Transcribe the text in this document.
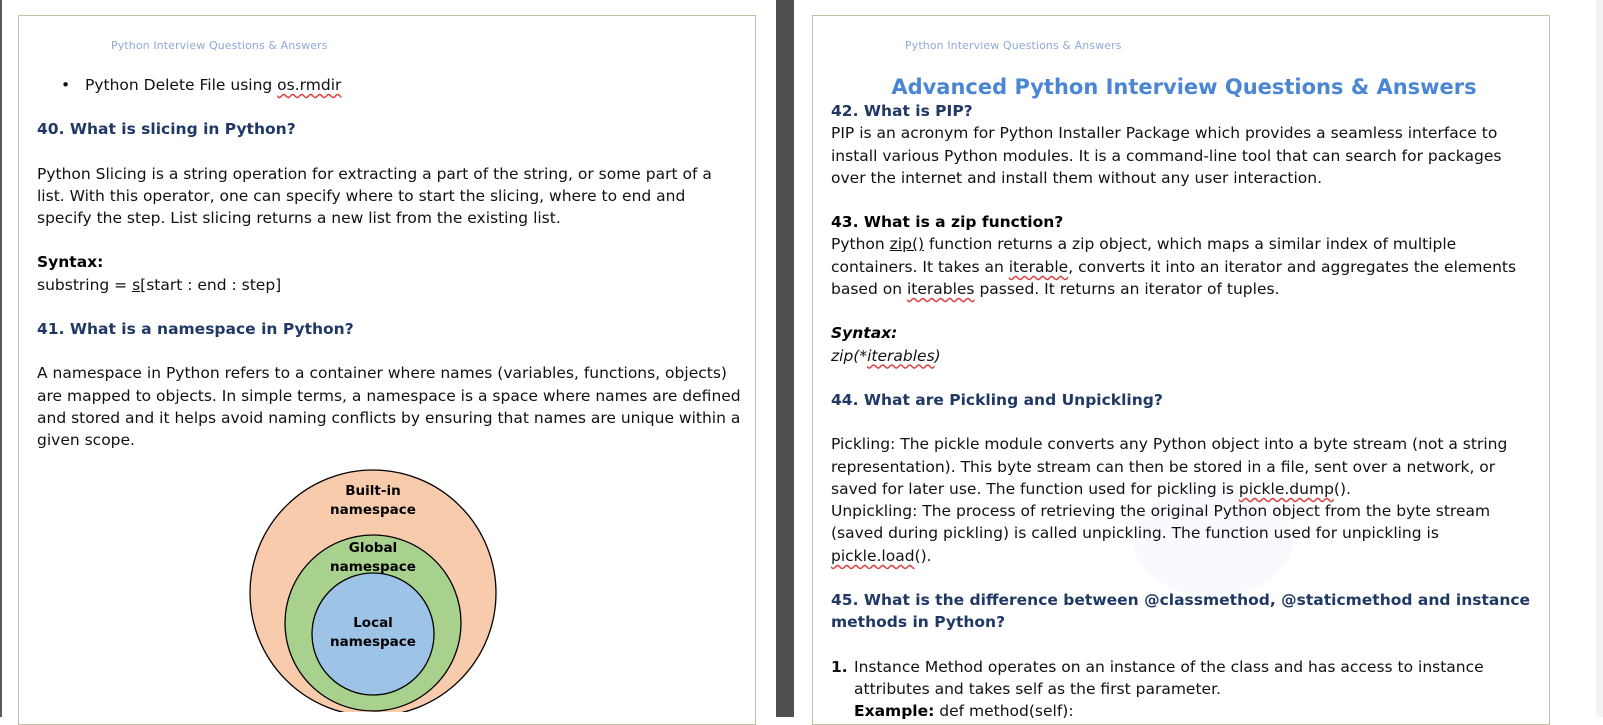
Python Interview Questions & Answers
• Python Delete File using os.rmdir

40. What is slicing in Python?

Python Slicing is a string operation for extracting a part of the string, or some part of a list. With this operator, one can specify where to start the slicing, where to end and specify the step. List slicing returns a new list from the existing list.

Syntax:

substring = s[start : end : step]

41. What is a namespace in Python?

A namespace in Python refers to a container where names (variables, functions, objects) are mapped to objects. In simple terms, a namespace is a space where names are defined and stored and it helps avoid naming conflicts by ensuring that names are unique within a given scope.

Built-in
namespace
Global
namespace
Local
namespace
Python Interview Questions & Answers

Advanced Python Interview Questions & Answers

42. What is PIP?

PIP is an acronym for Python Installer Package which provides a seamless interface to install various Python modules. It is a command-line tool that can search for packages over the internet and install them without any user interaction.

43. What is a zip function?

Python zip() function returns a zip object, which maps a similar index of multiple containers. It takes an iterable, converts it into an iterator and aggregates the elements based on iterables passed. It returns an iterator of tuples.

Syntax:

zip(*iterables)

44. What are Pickling and Unpickling?

Pickling: The pickle module converts any Python object into a byte stream (not a string representation). This byte stream can then be stored in a file, sent over a network, or saved for later use. The function used for pickling is pickle.dump().

Unpickling: The process of retrieving the original Python object from the byte stream (saved during pickling) is called unpickling. The function used for unpickling is pickle.load().

45. What is the difference between @classmethod, @staticmethod and instance methods in Python?

1. Instance Method operates on an instance of the class and has access to instance attributes and takes self as the first parameter.
Example: def method(self):
